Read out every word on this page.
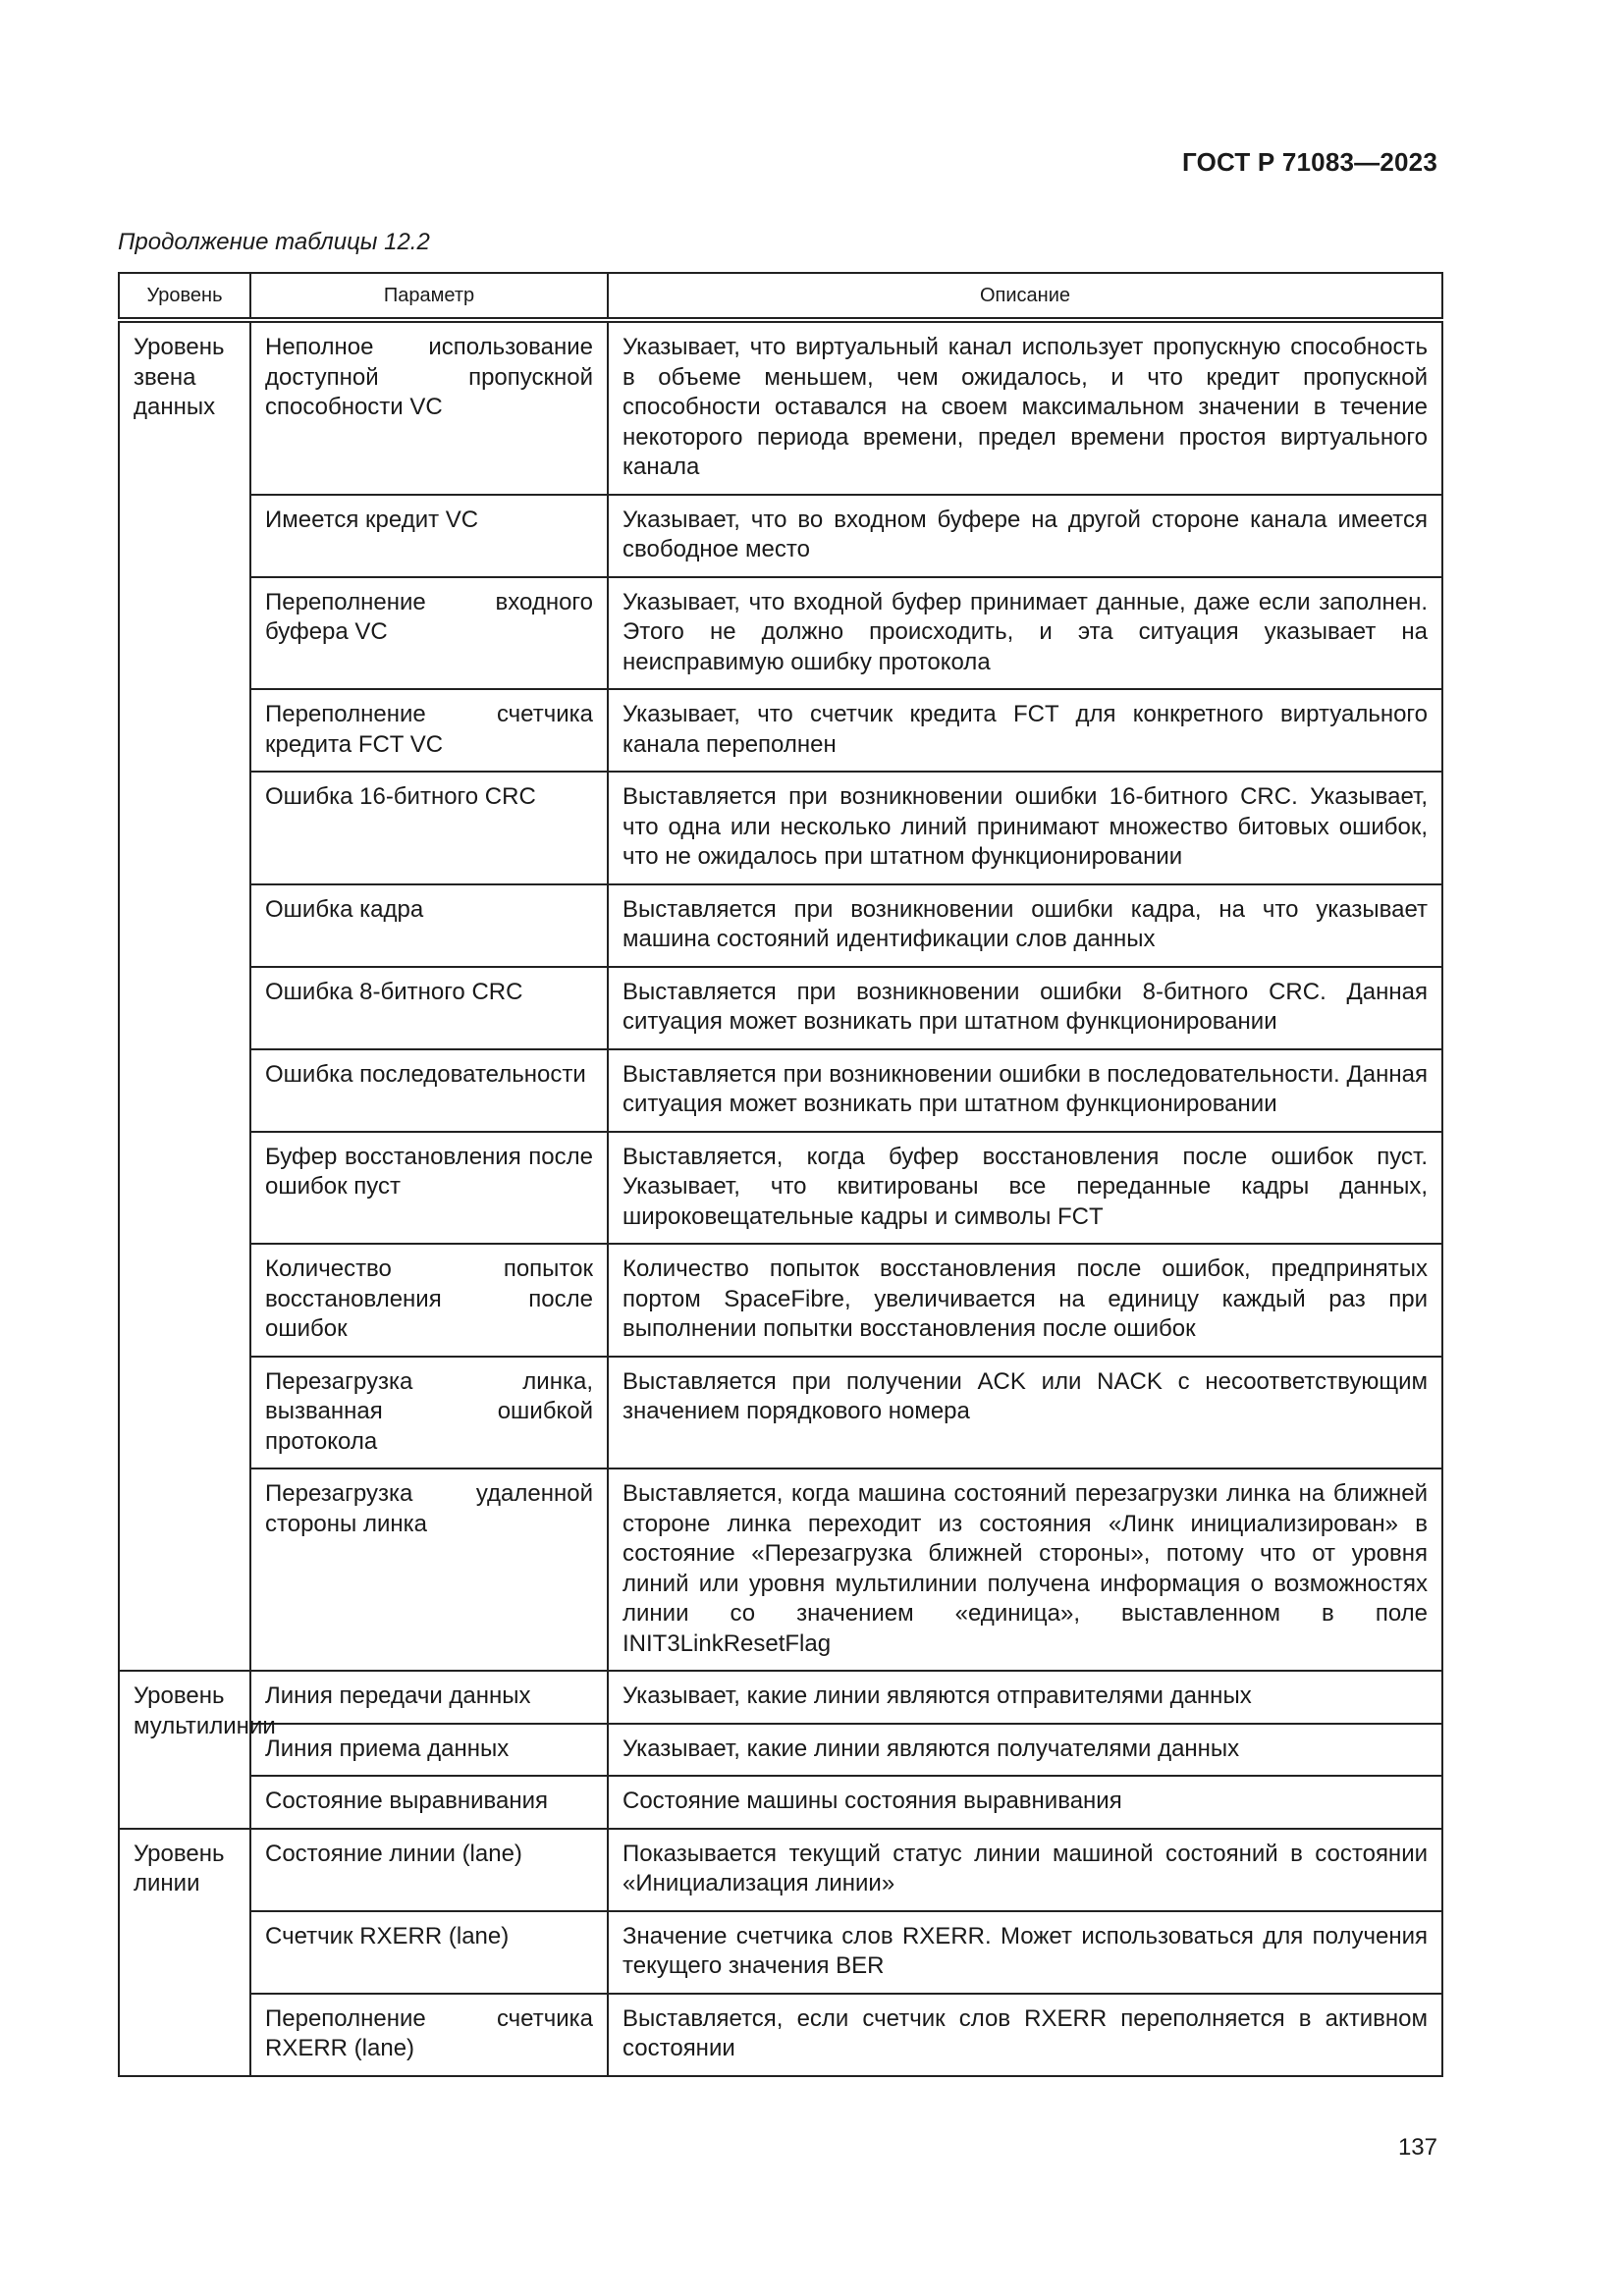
ГОСТ Р 71083—2023
Продолжение таблицы 12.2
Уровень	Параметр	Описание
Уровень звена данных	Неполное использование доступной пропускной способности VC	Указывает, что виртуальный канал использует пропускную способность в объеме меньшем, чем ожидалось, и что кредит пропускной способности оставался на своем максимальном значении в течение некоторого периода времени, предел времени простоя виртуального канала
	Имеется кредит VC	Указывает, что во входном буфере на другой стороне канала имеется свободное место
	Переполнение входного буфера VC	Указывает, что входной буфер принимает данные, даже если заполнен. Этого не должно происходить, и эта ситуация указывает на неисправимую ошибку протокола
	Переполнение счетчика кредита FCT VC	Указывает, что счетчик кредита FCT для конкретного виртуального канала переполнен
	Ошибка 16-битного CRC	Выставляется при возникновении ошибки 16-битного CRC. Указывает, что одна или несколько линий принимают множество битовых ошибок, что не ожидалось при штатном функционировании
	Ошибка кадра	Выставляется при возникновении ошибки кадра, на что указывает машина состояний идентификации слов данных
	Ошибка 8-битного CRC	Выставляется при возникновении ошибки 8-битного CRC. Данная ситуация может возникать при штатном функционировании
	Ошибка последовательности	Выставляется при возникновении ошибки в последовательности. Данная ситуация может возникать при штатном функционировании
	Буфер восстановления после ошибок пуст	Выставляется, когда буфер восстановления после ошибок пуст. Указывает, что квитированы все переданные кадры данных, широковещательные кадры и символы FCT
	Количество попыток восстановления после ошибок	Количество попыток восстановления после ошибок, предпринятых портом SpaceFibre, увеличивается на единицу каждый раз при выполнении попытки восстановления после ошибок
	Перезагрузка линка, вызванная ошибкой протокола	Выставляется при получении ACK или NACK с несоответствующим значением порядкового номера
	Перезагрузка удаленной стороны линка	Выставляется, когда машина состояний перезагрузки линка на ближней стороне линка переходит из состояния «Линк инициализирован» в состояние «Перезагрузка ближней стороны», потому что от уровня линий или уровня мультилинии получена информация о возможностях линии со значением «единица», выставленном в поле INIT3LinkResetFlag
Уровень мультилинии	Линия передачи данных	Указывает, какие линии являются отправителями данных
	Линия приема данных	Указывает, какие линии являются получателями данных
	Состояние выравнивания	Состояние машины состояния выравнивания
Уровень линии	Состояние линии (lane)	Показывается текущий статус линии машиной состояний в состоянии «Инициализация линии»
	Счетчик RXERR (lane)	Значение счетчика слов RXERR. Может использоваться для получения текущего значения BER
	Переполнение счетчика RXERR (lane)	Выставляется, если счетчик слов RXERR переполняется в активном состоянии
137
